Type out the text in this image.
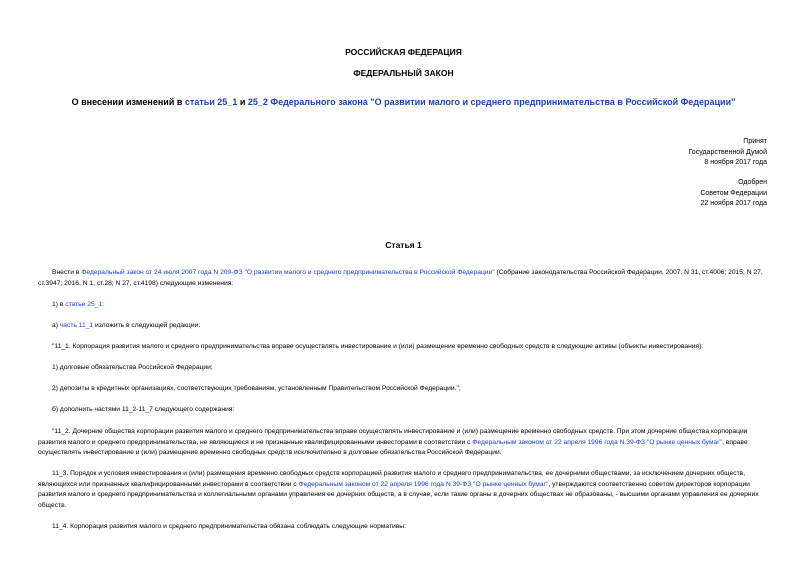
РОССИЙСКАЯ ФЕДЕРАЦИЯ
ФЕДЕРАЛЬНЫЙ ЗАКОН
О внесении изменений в статьи 25_1 и 25_2 Федерального закона "О развитии малого и среднего предпринимательства в Российской Федерации"
Принят
Государственной Думой
8 ноября 2017 года
Одобрен
Советом Федерации
22 ноября 2017 года
Статья 1
Внести в Федеральный закон от 24 июля 2007 года N 209-ФЗ "О развитии малого и среднего предпринимательства в Российской Федерации" (Собрание законодательства Российской Федерации, 2007, N 31, ст.4006; 2015, N 27, ст.3947; 2016, N 1, ст.28; N 27, ст.4198) следующие изменения:
1) в статье 25_1:
а) часть 11_1 изложить в следующей редакции:
"11_1. Корпорация развития малого и среднего предпринимательства вправе осуществлять инвестирование и (или) размещение временно свободных средств в следующие активы (объекты инвестирования):
1) долговые обязательства Российской Федерации;
2) депозиты в кредитных организациях, соответствующих требованиям, установленным Правительством Российской Федерации.";
б) дополнить частями 11_2-11_7 следующего содержания:
"11_2. Дочерние общества корпорации развития малого и среднего предпринимательства вправе осуществлять инвестирование и (или) размещение временно свободных средств. При этом дочерние общества корпорации развития малого и среднего предпринимательства, не являющиеся и не признанные квалифицированными инвесторами в соответствии с Федеральным законом от 22 апреля 1996 года N 39-ФЗ "О рынке ценных бумаг", вправе осуществлять инвестирование и (или) размещение временно свободных средств исключительно в долговые обязательства Российской Федерации.
11_3. Порядок и условия инвестирования и (или) размещения временно свободных средств корпорацией развития малого и среднего предпринимательства, ее дочерними обществами, за исключением дочерних обществ, являющихся или признанных квалифицированными инвесторами в соответствии с Федеральным законом от 22 апреля 1996 года N 39-ФЗ "О рынке ценных бумаг", утверждаются соответственно советом директоров корпорации развития малого и среднего предпринимательства и коллегиальными органами управления ее дочерних обществ, а в случае, если такие органы в дочерних обществах не образованы, - высшими органами управления ее дочерних обществ.
11_4. Корпорация развития малого и среднего предпринимательства обязана соблюдать следующие нормативы:
